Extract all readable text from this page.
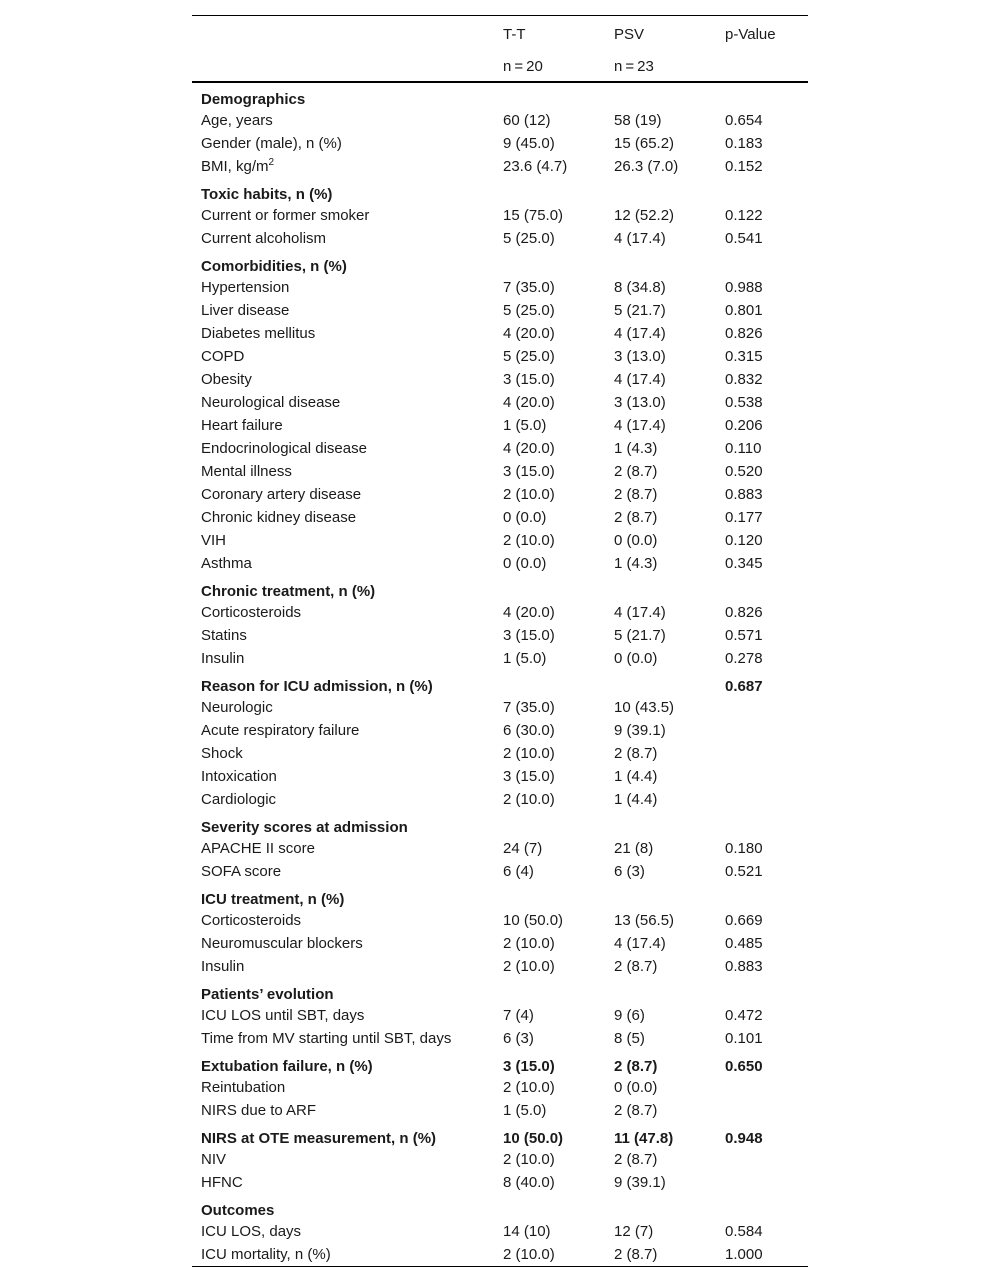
	T-T	PSV	p-Value
	n = 20	n = 23	
Demographics			
Age, years	60 (12)	58 (19)	0.654
Gender (male), n (%)	9 (45.0)	15 (65.2)	0.183
BMI, $kg/m^2$	23.6 (4.7)	26.3 (7.0)	0.152
Toxic habits, n (%)			
Current or former smoker	15 (75.0)	12 (52.2)	0.122
Current alcoholism	5 (25.0)	4 (17.4)	0.541
Comorbidities, n (%)			
Hypertension	7 (35.0)	8 (34.8)	0.988
Liver disease	5 (25.0)	5 (21.7)	0.801
Diabetes mellitus	4 (20.0)	4 (17.4)	0.826
COPD	5 (25.0)	3 (13.0)	0.315
Obesity	3 (15.0)	4 (17.4)	0.832
Neurological disease	4 (20.0)	3 (13.0)	0.538
Heart failure	1 (5.0)	4 (17.4)	0.206
Endocrinological disease	4 (20.0)	1 (4.3)	0.110
Mental illness	3 (15.0)	2 (8.7)	0.520
Coronary artery disease	2 (10.0)	2 (8.7)	0.883
Chronic kidney disease	0 (0.0)	2 (8.7)	0.177
VIH	2 (10.0)	0 (0.0)	0.120
Asthma	0 (0.0)	1 (4.3)	0.345
Chronic treatment, n (%)			
Corticosteroids	4 (20.0)	4 (17.4)	0.826
Statins	3 (15.0)	5 (21.7)	0.571
Insulin	1 (5.0)	0 (0.0)	0.278
Reason for ICU admission, n (%)			0.687
Neurologic	7 (35.0)	10 (43.5)	
Acute respiratory failure	6 (30.0)	9 (39.1)	
Shock	2 (10.0)	2 (8.7)	
Intoxication	3 (15.0)	1 (4.4)	
Cardiologic	2 (10.0)	1 (4.4)	
Severity scores at admission			
APACHE II score	24 (7)	21 (8)	0.180
SOFA score	6 (4)	6 (3)	0.521
ICU treatment, n (%)			
Corticosteroids	10 (50.0)	13 (56.5)	0.669
Neuromuscular blockers	2 (10.0)	4 (17.4)	0.485
Insulin	2 (10.0)	2 (8.7)	0.883
Patients’ evolution			
ICU LOS until SBT, days	7 (4)	9 (6)	0.472
Time from MV starting until SBT, days	6 (3)	8 (5)	0.101
Extubation failure, n (%)	3 (15.0)	2 (8.7)	0.650
Reintubation	2 (10.0)	0 (0.0)	
NIRS due to ARF	1 (5.0)	2 (8.7)	
NIRS at OTE measurement, n (%)	10 (50.0)	11 (47.8)	0.948
NIV	2 (10.0)	2 (8.7)	
HFNC	8 (40.0)	9 (39.1)	
Outcomes			
ICU LOS, days	14 (10)	12 (7)	0.584
ICU mortality, n (%)	2 (10.0)	2 (8.7)	1.000
